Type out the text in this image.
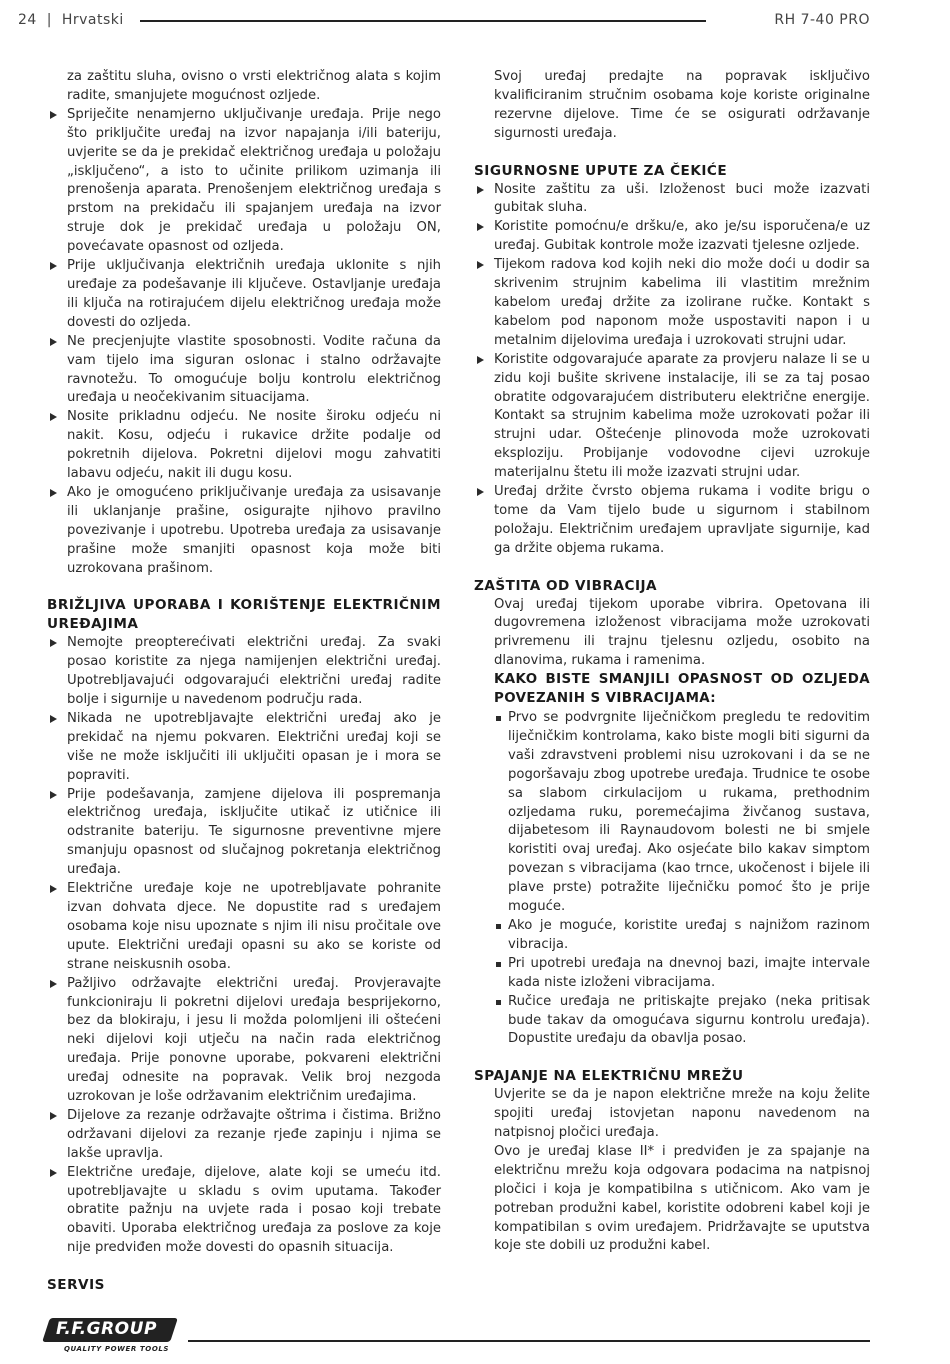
24 | Hrvatski	RH 7-40 PRO

za zaštitu sluha, ovisno o vrsti električnog alata s kojim radite, smanjujete mogućnost ozljede.

Spriječite nenamjerno uključivanje uređaja. Prije nego što priključite uređaj na izvor napajanja i/ili bateriju, uvjerite se da je prekidač električnog uređaja u položaju „isključeno“, a isto to učinite prilikom uzimanja ili prenošenja aparata. Prenošenjem električnog uređaja s prstom na prekidaču ili spajanjem uređaja na izvor struje dok je prekidač uređaja u položaju ON, povećavate opasnost od ozljeda.
Prije uključivanja električnih uređaja uklonite s njih uređaje za podešavanje ili ključeve. Ostavljanje uređaja ili ključa na rotirajućem dijelu električnog uređaja može dovesti do ozljeda.
Ne precjenjujte vlastite sposobnosti. Vodite računa da vam tijelo ima siguran oslonac i stalno održavajte ravnotežu. To omogućuje bolju kontrolu električnog uređaja u neočekivanim situacijama.
Nosite prikladnu odjeću. Ne nosite široku odjeću ni nakit. Kosu, odjeću i rukavice držite podalje od pokretnih dijelova. Pokretni dijelovi mogu zahvatiti labavu odjeću, nakit ili dugu kosu.
Ako je omogućeno priključivanje uređaja za usisavanje ili uklanjanje prašine, osigurajte njihovo pravilno povezivanje i upotrebu. Upotreba uređaja za usisavanje prašine može smanjiti opasnost koja može biti uzrokovana prašinom.
BRIŽLJIVA UPORABA I KORIŠTENJE ELEKTRIČNIM UREĐAJIMA
Nemojte preopterećivati električni uređaj. Za svaki posao koristite za njega namijenjen električni uređaj. Upotrebljavajući odgovarajući električni uređaj radite bolje i sigurnije u navedenom području rada.
Nikada ne upotrebljavajte električni uređaj ako je prekidač na njemu pokvaren. Električni uređaj koji se više ne može isključiti ili uključiti opasan je i mora se popraviti.
Prije podešavanja, zamjene dijelova ili pospremanja električnog uređaja, isključite utikač iz utičnice ili odstranite bateriju. Te sigurnosne preventivne mjere smanjuju opasnost od slučajnog pokretanja električnog uređaja.
Električne uređaje koje ne upotrebljavate pohranite izvan dohvata djece. Ne dopustite rad s uređajem osobama koje nisu upoznate s njim ili nisu pročitale ove upute. Električni uređaji opasni su ako se koriste od strane neiskusnih osoba.
Pažljivo održavajte električni uređaj. Provjeravajte funkcioniraju li pokretni dijelovi uređaja besprijekorno, bez da blokiraju, i jesu li možda polomljeni ili oštećeni neki dijelovi koji utječu na način rada električnog uređaja. Prije ponovne uporabe, pokvareni električni uređaj odnesite na popravak. Velik broj nezgoda uzrokovan je loše održavanim električnim uređajima.
Dijelove za rezanje održavajte oštrima i čistima. Brižno održavani dijelovi za rezanje rjeđe zapinju i njima se lakše upravlja.
Električne uređaje, dijelove, alate koji se umeću itd. upotrebljavajte u skladu s ovim uputama. Također obratite pažnju na uvjete rada i posao koji trebate obaviti. Uporaba električnog uređaja za poslove za koje nije predviđen može dovesti do opasnih situacija.
SERVIS

Svoj uređaj predajte na popravak isključivo kvalificiranim stručnim osobama koje koriste originalne rezervne dijelove. Time će se osigurati održavanje sigurnosti uređaja.

SIGURNOSNE UPUTE ZA ČEKIĆE
Nosite zaštitu za uši. Izloženost buci može izazvati gubitak sluha.
Koristite pomoćnu/e dršku/e, ako je/su isporučena/e uz uređaj. Gubitak kontrole može izazvati tjelesne ozljede.
Tijekom radova kod kojih neki dio može doći u dodir sa skrivenim strujnim kabelima ili vlastitim mrežnim kabelom uređaj držite za izolirane ručke. Kontakt s kabelom pod naponom može uspostaviti napon i u metalnim dijelovima uređaja i uzrokovati strujni udar.
Koristite odgovarajuće aparate za provjeru nalaze li se u zidu koji bušite skrivene instalacije, ili se za taj posao obratite odgovarajućem distributeru električne energije. Kontakt sa strujnim kabelima može uzrokovati požar ili strujni udar. Oštećenje plinovoda može uzrokovati eksploziju. Probijanje vodovodne cijevi uzrokuje materijalnu štetu ili može izazvati strujni udar.
Uređaj držite čvrsto objema rukama i vodite brigu o tome da Vam tijelo bude u sigurnom i stabilnom položaju. Električnim uređajem upravljate sigurnije, kad ga držite objema rukama.
ZAŠTITA OD VIBRACIJA

Ovaj uređaj tijekom uporabe vibrira. Opetovana ili dugovremena izloženost vibracijama može uzrokovati privremenu ili trajnu tjelesnu ozljedu, osobito na dlanovima, rukama i ramenima.

KAKO BISTE SMANJILI OPASNOST OD OZLJEDA POVEZANIH S VIBRACIJAMA:

Prvo se podvrgnite liječničkom pregledu te redovitim liječničkim kontrolama, kako biste mogli biti sigurni da vaši zdravstveni problemi nisu uzrokovani i da se ne pogoršavaju zbog upotrebe uređaja. Trudnice te osobe sa slabom cirkulacijom u rukama, prethodnim ozljedama ruku, poremećajima živčanog sustava, dijabetesom ili Raynaudovom bolesti ne bi smjele koristiti ovaj uređaj. Ako osjećate bilo kakav simptom povezan s vibracijama (kao trnce, ukočenost i bijele ili plave prste) potražite liječničku pomoć što je prije moguće.
Ako je moguće, koristite uređaj s najnižom razinom vibracija.
Pri upotrebi uređaja na dnevnoj bazi, imajte intervale kada niste izloženi vibracijama.
Ručice uređaja ne pritiskajte prejako (neka pritisak bude takav da omogućava sigurnu kontrolu uređaja). Dopustite uređaju da obavlja posao.
SPAJANJE NA ELEKTRIČNU MREŽU

Uvjerite se da je napon električne mreže na koju želite spojiti uređaj istovjetan naponu navedenom na natpisnoj pločici uređaja.

Ovo je uređaj klase II* i predviđen je za spajanje na električnu mrežu koja odgovara podacima na natpisnoj pločici i koja je kompatibilna s utičnicom. Ako vam je potreban produžni kabel, koristite odobreni kabel koji je kompatibilan s ovim uređajem. Pridržavajte se uputstva koje ste dobili uz produžni kabel.

F.F.GROUP
QUALITY POWER TOOLS
